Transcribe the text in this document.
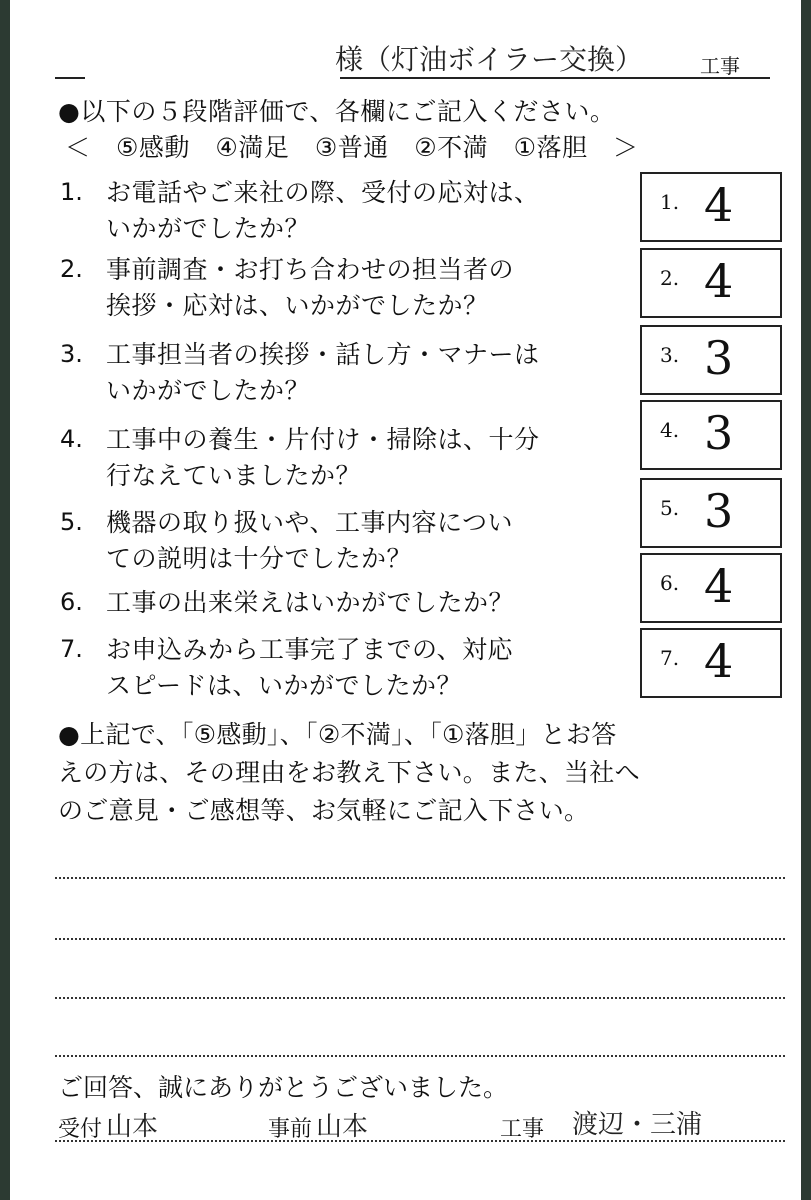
様（灯油ボイラー交換）	工事
●以下の５段階評価で、各欄にご記入ください。
＜　⑤感動　④満足　③普通　②不満　①落胆　＞
1. お電話やご来社の際、受付の応対は、
いかがでしたか？
1. 4
2. 事前調査・お打ち合わせの担当者の
挨拶・応対は、いかがでしたか？
2. 4
3. 工事担当者の挨拶・話し方・マナーは
いかがでしたか？
3. 3
4. 工事中の養生・片付け・掃除は、十分
行なえていましたか？
4. 3
5. 機器の取り扱いや、工事内容につい
ての説明は十分でしたか？
5. 3
6. 工事の出来栄えはいかがでしたか？
6. 4
7. お申込みから工事完了までの、対応
スピードは、いかがでしたか？
7. 4
●上記で、「⑤感動」、「②不満」、「①落胆」とお答
えの方は、その理由をお教え下さい。また、当社へ
のご意見・ご感想等、お気軽にご記入下さい。
ご回答、誠にありがとうございました。
受付 山本	事前 山本	工事 渡辺・三浦
